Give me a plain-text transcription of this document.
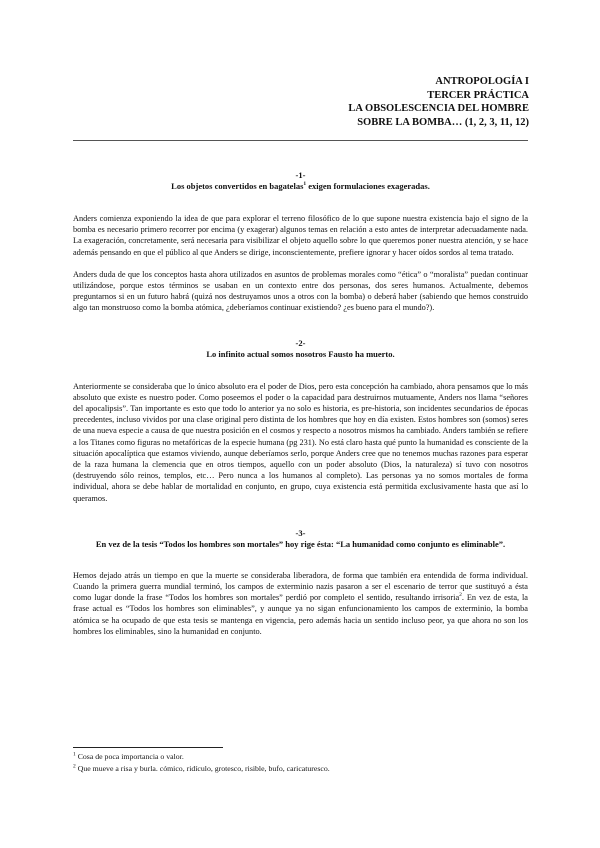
ANTROPOLOGÍA I
TERCER PRÁCTICA
LA OBSOLESCENCIA DEL HOMBRE
SOBRE LA BOMBA… (1, 2, 3, 11, 12)

-1-

Los objetos convertidos en bagatelas$^1$ exigen formulaciones exageradas.

Anders comienza exponiendo la idea de que para explorar el terreno filosófico de lo que supone nuestra existencia bajo el signo de la bomba es necesario primero recorrer por encima (y exagerar) algunos temas en relación a esto antes de interpretar adecuadamente nada. La exageración, concretamente, será necesaria para visibilizar el objeto aquello sobre lo que queremos poner nuestra atención, y se hace además pensando en que el público al que Anders se dirige, inconscientemente, prefiere ignorar y hacer oídos sordos al tema tratado.

Anders duda de que los conceptos hasta ahora utilizados en asuntos de problemas morales como “ética” o “moralista” puedan continuar utilizándose, porque estos términos se usaban en un contexto entre dos personas, dos seres humanos. Actualmente, debemos preguntarnos si en un futuro habrá (quizá nos destruyamos unos a otros con la bomba) o deberá haber (sabiendo que hemos construido algo tan monstruoso como la bomba atómica, ¿deberíamos continuar existiendo? ¿es bueno para el mundo?).

-2-

Lo infinito actual somos nosotros Fausto ha muerto.

Anteriormente se consideraba que lo único absoluto era el poder de Dios, pero esta concepción ha cambiado, ahora pensamos que lo más absoluto que existe es nuestro poder. Como poseemos el poder o la capacidad para destruirnos mutuamente, Anders nos llama “señores del apocalipsis”. Tan importante es esto que todo lo anterior ya no solo es historia, es pre-historia, son incidentes secundarios de épocas precedentes, incluso vividos por una clase original pero distinta de los hombres que hoy en día existen. Estos hombres son (somos) seres de una nueva especie a causa de que nuestra posición en el cosmos y respecto a nosotros mismos ha cambiado. Anders también se refiere a los Titanes como figuras no metafóricas de la especie humana (pg 231). No está claro hasta qué punto la humanidad es consciente de la situación apocalíptica que estamos viviendo, aunque deberíamos serlo, porque Anders cree que no tenemos muchas razones para esperar de la raza humana la clemencia que en otros tiempos, aquello con un poder absoluto (Dios, la naturaleza) sí tuvo con nosotros (destruyendo sólo reinos, templos, etc… Pero nunca a los humanos al completo). Las personas ya no somos mortales de forma individual, ahora se debe hablar de mortalidad en conjunto, en grupo, cuya existencia está permitida exclusivamente hasta que así lo queramos.

-3-

En vez de la tesis “Todos los hombres son mortales” hoy rige ésta: “La humanidad como conjunto es eliminable”.

Hemos dejado atrás un tiempo en que la muerte se consideraba liberadora, de forma que también era entendida de forma individual. Cuando la primera guerra mundial terminó, los campos de exterminio nazis pasaron a ser el escenario de terror que sustituyó a ésta como lugar donde la frase “Todos los hombres son mortales” perdió por completo el sentido, resultando irrisoria$^2$. En vez de esta, la frase actual es “Todos los hombres son eliminables”, y aunque ya no sigan enfuncionamiento los campos de exterminio, la bomba atómica se ha ocupado de que esta tesis se mantenga en vigencia, pero además hacia un sentido incluso peor, ya que ahora no son los hombres los eliminables, sino la humanidad en conjunto.

$^1$ Cosa de poca importancia o valor.

$^2$ Que mueve a risa y burla. cómico, ridículo, grotesco, risible, bufo, caricaturesco.
